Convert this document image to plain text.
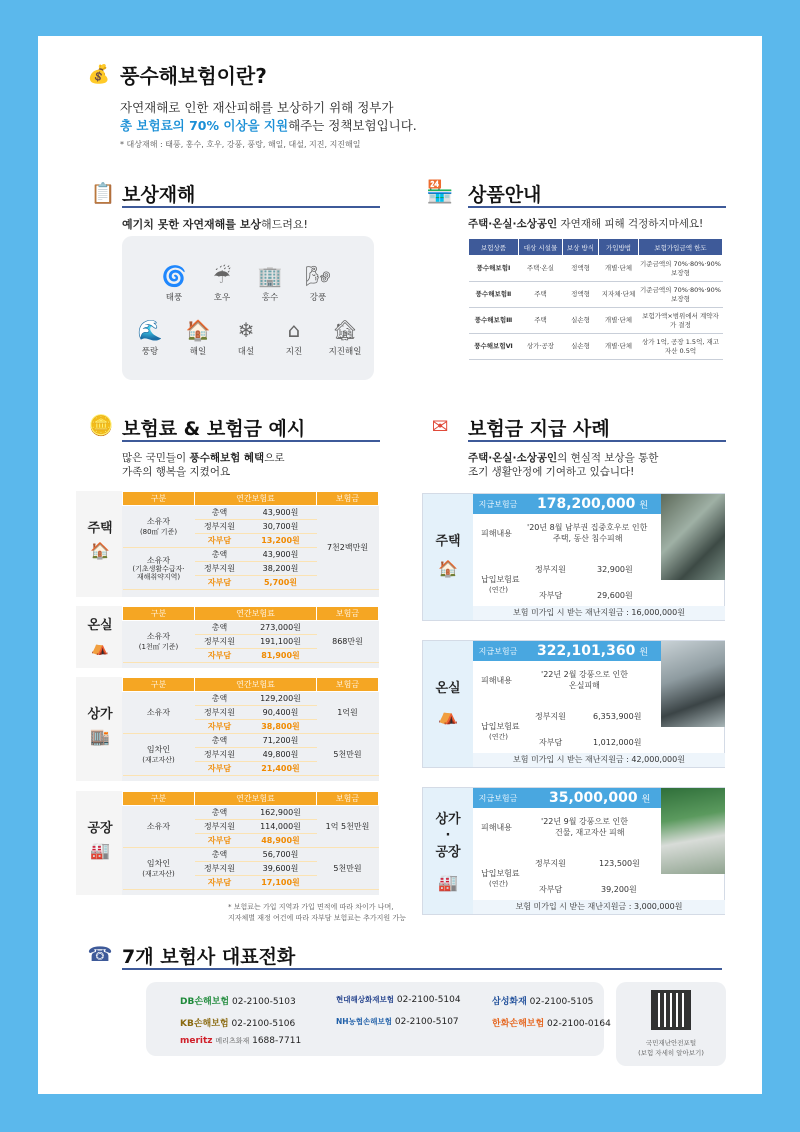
💰 풍수해보험이란?
자연재해로 인한 재산피해를 보상하기 위해 정부가
총 보험료의 70% 이상을 지원해주는 정책보험입니다.
* 대상재해 : 태풍, 홍수, 호우, 강풍, 풍랑, 해일, 대설, 지진, 지진해일
📋 보상재해
예기치 못한 자연재해를 보상해드려요!
🌀
태풍
☔
호우
🏢
홍수
🌬
강풍
🌊
풍랑
🏠
해일
❄
대설
⌂
지진
🏚
지진해일
🏪 상품안내
주택·온실·소상공인 자연재해 피해 걱정하지마세요!
보험상품	대상 시설물	보상 방식	가입방법	보험가입금액 한도
풍수해보험Ⅰ	주택·온실	정액형	개별·단체	기준금액의 70%·80%·90% 보장형
풍수해보험Ⅱ	주택	정액형	지자체·단체	기준금액의 70%·80%·90% 보장형
풍수해보험Ⅲ	주택	실손형	개별·단체	보험가액×범위에서 계약자가 결정
풍수해보험Ⅵ	상가·공장	실손형	개별·단체	상가 1억, 공장 1.5억, 재고자산 0.5억
🪙 보험료 & 보험금 예시
많은 국민들이 풍수해보험 혜택으로
가족의 행복을 지켰어요
주택
🏠
구분	연간보험료		보험금
소유자
(80㎡ 기준)	총액	43,900원	7천2백만원
	정부지원	30,700원	
	자부담	13,200원	
소유자
(기초생활수급자·
재해취약지역)	총액	43,900원	
	정부지원	38,200원	
	자부담	5,700원	
온실
⛺
구분	연간보험료		보험금
소유자
(1천㎡ 기준)	총액	273,000원	868만원
	정부지원	191,100원	
	자부담	81,900원	
상가
🏬
구분	연간보험료		보험금
소유자	총액	129,200원	1억원
	정부지원	90,400원	
	자부담	38,800원	
임차인
(재고자산)	총액	71,200원	5천만원
	정부지원	49,800원	
	자부담	21,400원	
공장
🏭
구분	연간보험료		보험금
소유자	총액	162,900원	1억 5천만원
	정부지원	114,000원	
	자부담	48,900원	
임차인
(재고자산)	총액	56,700원	5천만원
	정부지원	39,600원	
	자부담	17,100원	
* 보험료는 가입 지역과 가입 면적에 따라 차이가 나며,
지자체별 재정 여건에 따라 자부담 보험료는 추가지원 가능
✉	보험금 지급 사례
주택·온실·소상공인의 현실적 보상을 통한
조기 생활안정에 기여하고 있습니다!
주택
🏠
지급보험금	178,200,000 원
피해내용
'20년 8월 남부권 집중호우로 인한
주택, 동산 침수피해
납입보험료
(연간)
정부지원	32,900원
자부담	29,600원
보험 미가입 시 받는 재난지원금 : 16,000,000원
온실
⛺
지급보험금	322,101,360 원
피해내용
'22년 2월 강풍으로 인한
온실피해
납입보험료
(연간)
정부지원	6,353,900원
자부담	1,012,000원
보험 미가입 시 받는 재난지원금 : 42,000,000원
상가
·
공장
🏭
지급보험금	35,000,000 원
피해내용
'22년 9월 강풍으로 인한
건물, 재고자산 피해
납입보험료
(연간)
정부지원	123,500원
자부담	39,200원
보험 미가입 시 받는 재난지원금 : 3,000,000원
☎ 7개 보험사 대표전화
DB손해보험 02-2100-5103	현대해상화재보험 02-2100-5104	삼성화재 02-2100-5105
KB손해보험 02-2100-5106	NH농협손해보험 02-2100-5107	한화손해보험 02-2100-0164
meritz 메리츠화재 1688-7711	국민재난안전포털
(보험 자세히 알아보기)
